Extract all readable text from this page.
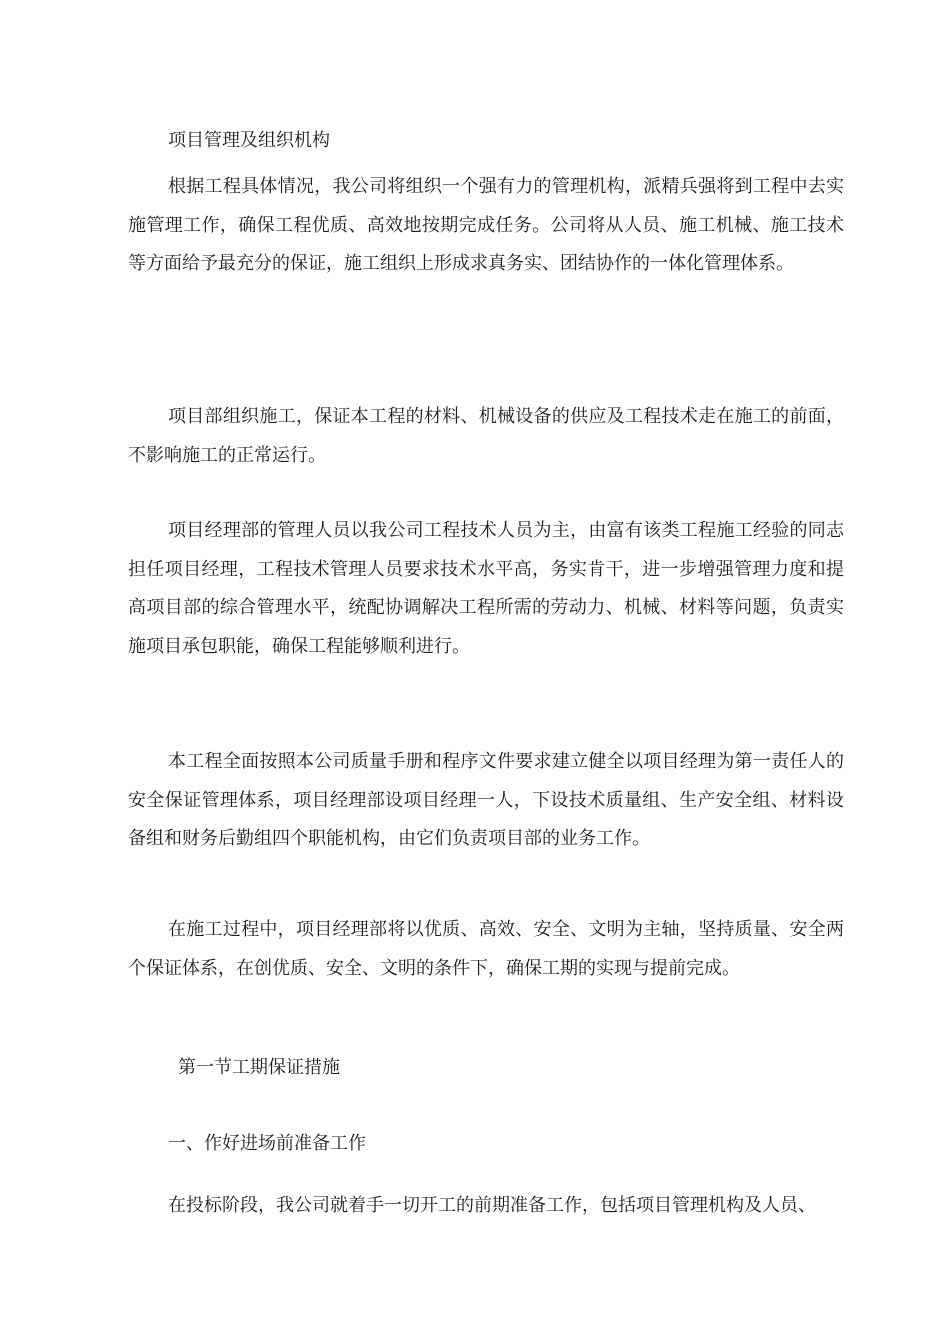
项目管理及组织机构

根据工程具体情况，我公司将组织一个强有力的管理机构，派精兵强将到工程中去实施管理工作，确保工程优质、高效地按期完成任务。公司将从人员、施工机械、施工技术等方面给予最充分的保证，施工组织上形成求真务实、团结协作的一体化管理体系。

项目部组织施工，保证本工程的材料、机械设备的供应及工程技术走在施工的前面，不影响施工的正常运行。

项目经理部的管理人员以我公司工程技术人员为主，由富有该类工程施工经验的同志担任项目经理，工程技术管理人员要求技术水平高，务实肯干，进一步增强管理力度和提高项目部的综合管理水平，统配协调解决工程所需的劳动力、机械、材料等问题，负责实施项目承包职能，确保工程能够顺利进行。

本工程全面按照本公司质量手册和程序文件要求建立健全以项目经理为第一责任人的安全保证管理体系，项目经理部设项目经理一人，下设技术质量组、生产安全组、材料设备组和财务后勤组四个职能机构，由它们负责项目部的业务工作。

在施工过程中，项目经理部将以优质、高效、安全、文明为主轴，坚持质量、安全两个保证体系，在创优质、安全、文明的条件下，确保工期的实现与提前完成。

第一节工期保证措施
一、作好进场前准备工作

在投标阶段，我公司就着手一切开工的前期准备工作，包括项目管理机构及人员、
